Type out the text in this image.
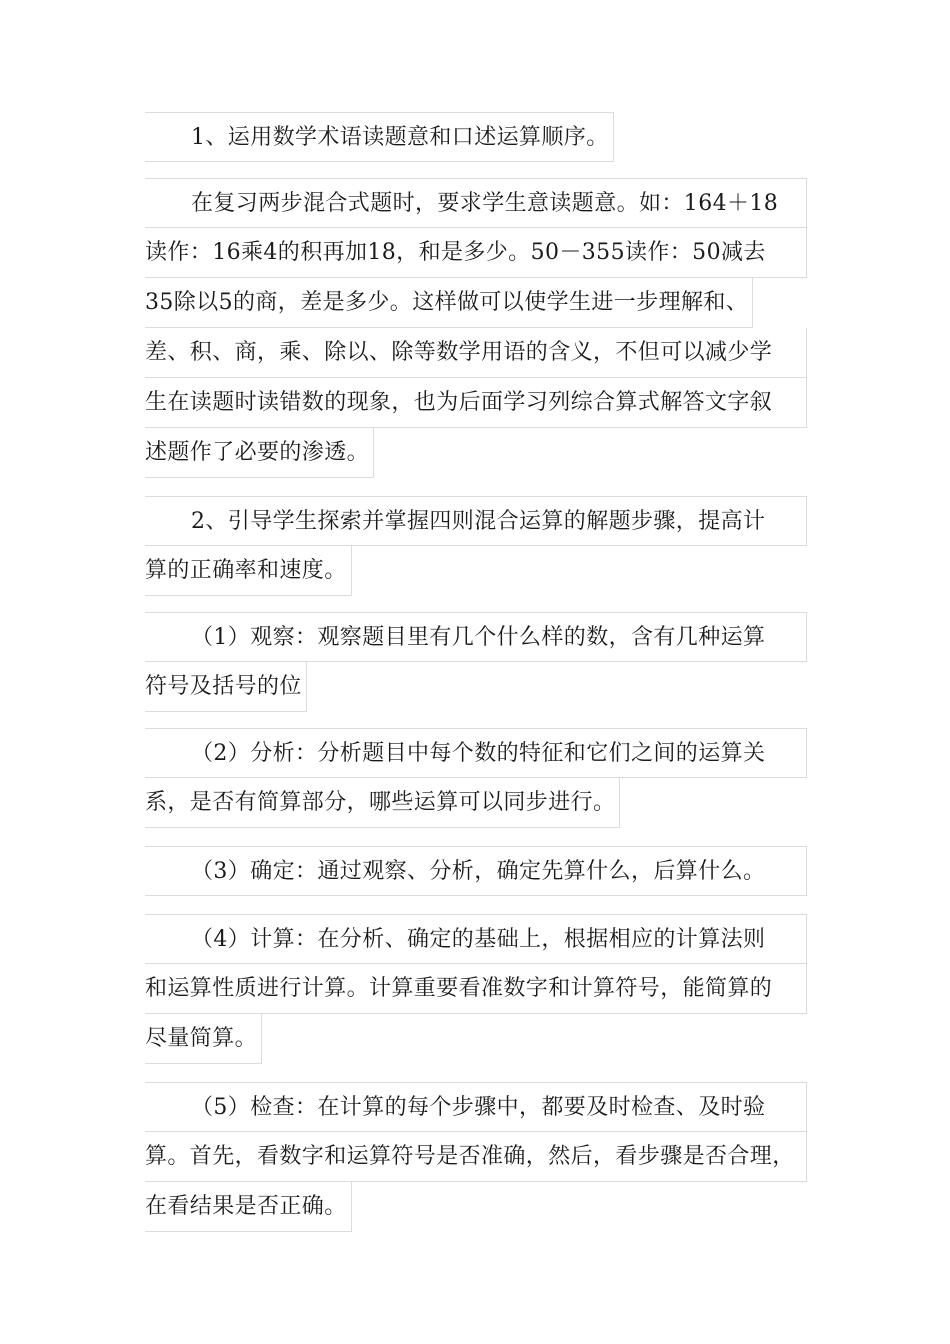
1、运用数学术语读题意和口述运算顺序。
在复习两步混合式题时，要求学生意读题意。如：164＋18
读作：16乘4的积再加18，和是多少。50－355读作：50减去
35除以5的商，差是多少。这样做可以使学生进一步理解和、
差、积、商，乘、除以、除等数学用语的含义，不但可以减少学
生在读题时读错数的现象，也为后面学习列综合算式解答文字叙
述题作了必要的渗透。
2、引导学生探索并掌握四则混合运算的解题步骤，提高计
算的正确率和速度。
（1）观察：观察题目里有几个什么样的数，含有几种运算
符号及括号的位
（2）分析：分析题目中每个数的特征和它们之间的运算关
系，是否有简算部分，哪些运算可以同步进行。
（3）确定：通过观察、分析，确定先算什么，后算什么。
（4）计算：在分析、确定的基础上，根据相应的计算法则
和运算性质进行计算。计算重要看准数字和计算符号，能简算的
尽量简算。
（5）检查：在计算的每个步骤中，都要及时检查、及时验
算。首先，看数字和运算符号是否准确，然后，看步骤是否合理，
在看结果是否正确。
